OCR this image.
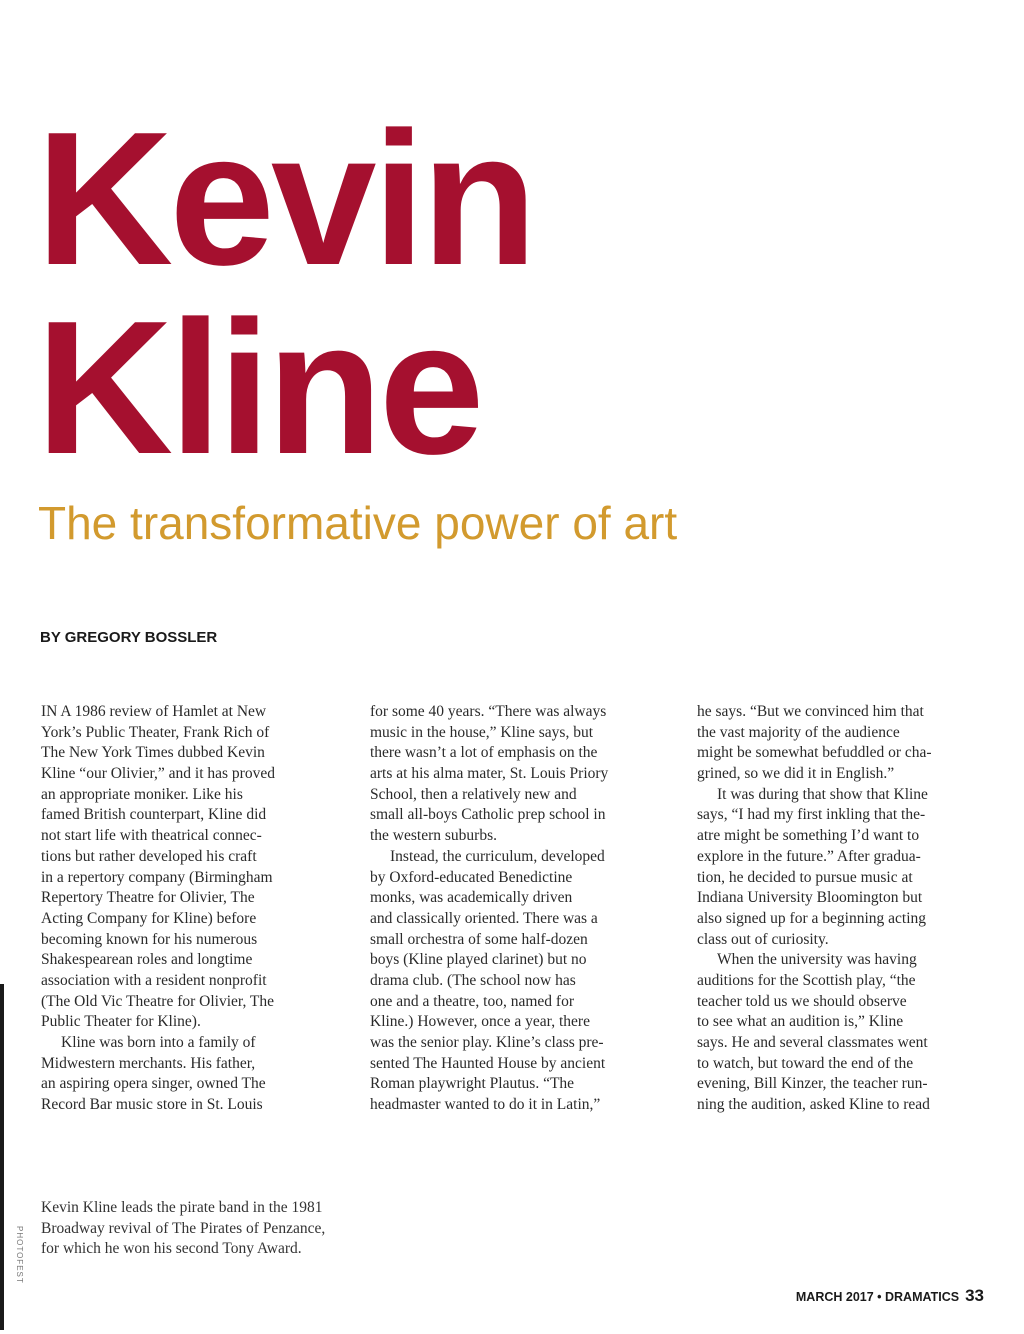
Kevin
Kline
The transformative power of art

BY GREGORY BOSSLER

IN A 1986 review of Hamlet at New
York’s Public Theater, Frank Rich of
The New York Times dubbed Kevin
Kline “our Olivier,” and it has proved
an appropriate moniker. Like his
famed British counterpart, Kline did
not start life with theatrical connec-
tions but rather developed his craft
in a repertory company (Birmingham
Repertory Theatre for Olivier, The
Acting Company for Kline) before
becoming known for his numerous
Shakespearean roles and longtime
association with a resident nonprofit
(The Old Vic Theatre for Olivier, The
Public Theater for Kline).
Kline was born into a family of
Midwestern merchants. His father,
an aspiring opera singer, owned The
Record Bar music store in St. Louis
for some 40 years. “There was always
music in the house,” Kline says, but
there wasn’t a lot of emphasis on the
arts at his alma mater, St. Louis Priory
School, then a relatively new and
small all-boys Catholic prep school in
the western suburbs.
Instead, the curriculum, developed
by Oxford-educated Benedictine
monks, was academically driven
and classically oriented. There was a
small orchestra of some half-dozen
boys (Kline played clarinet) but no
drama club. (The school now has
one and a theatre, too, named for
Kline.) However, once a year, there
was the senior play. Kline’s class pre-
sented The Haunted House by ancient
Roman playwright Plautus. “The
headmaster wanted to do it in Latin,”
he says. “But we convinced him that
the vast majority of the audience
might be somewhat befuddled or cha-
grined, so we did it in English.”
It was during that show that Kline
says, “I had my first inkling that the-
atre might be something I’d want to
explore in the future.” After gradua-
tion, he decided to pursue music at
Indiana University Bloomington but
also signed up for a beginning acting
class out of curiosity.
When the university was having
auditions for the Scottish play, “the
teacher told us we should observe
to see what an audition is,” Kline
says. He and several classmates went
to watch, but toward the end of the
evening, Bill Kinzer, the teacher run-
ning the audition, asked Kline to read
PHOTOFEST
Kevin Kline leads the pirate band in the 1981 Broadway revival of The Pirates of Penzance, for which he won his second Tony Award.
MARCH 2017 • DRAMATICS 33
